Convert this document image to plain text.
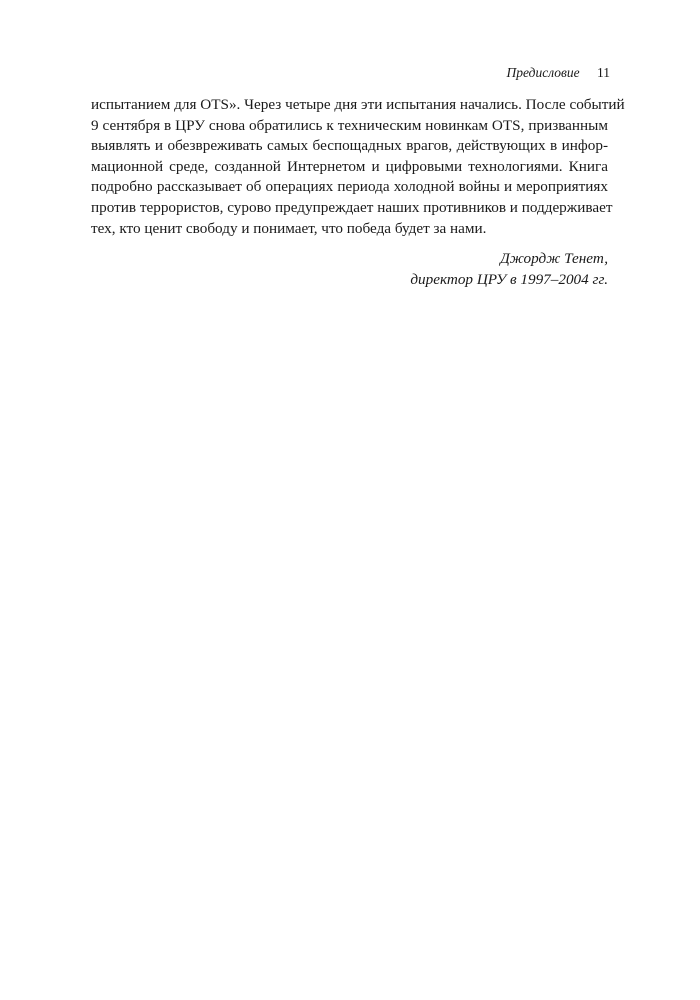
Предисловие 11
испытанием для OTS». Через четыре дня эти испытания начались. После событий
9 сентября в ЦРУ снова обратились к техническим новинкам OTS, призванным
выявлять и обезвреживать самых беспощадных врагов, действующих в инфор-
мационной среде, созданной Интернетом и цифровыми технологиями. Книга
подробно рассказывает об операциях периода холодной войны и мероприятиях
против террористов, сурово предупреждает наших противников и поддерживает
тех, кто ценит свободу и понимает, что победа будет за нами.
Джордж Тенет,
директор ЦРУ в 1997–2004 гг.
